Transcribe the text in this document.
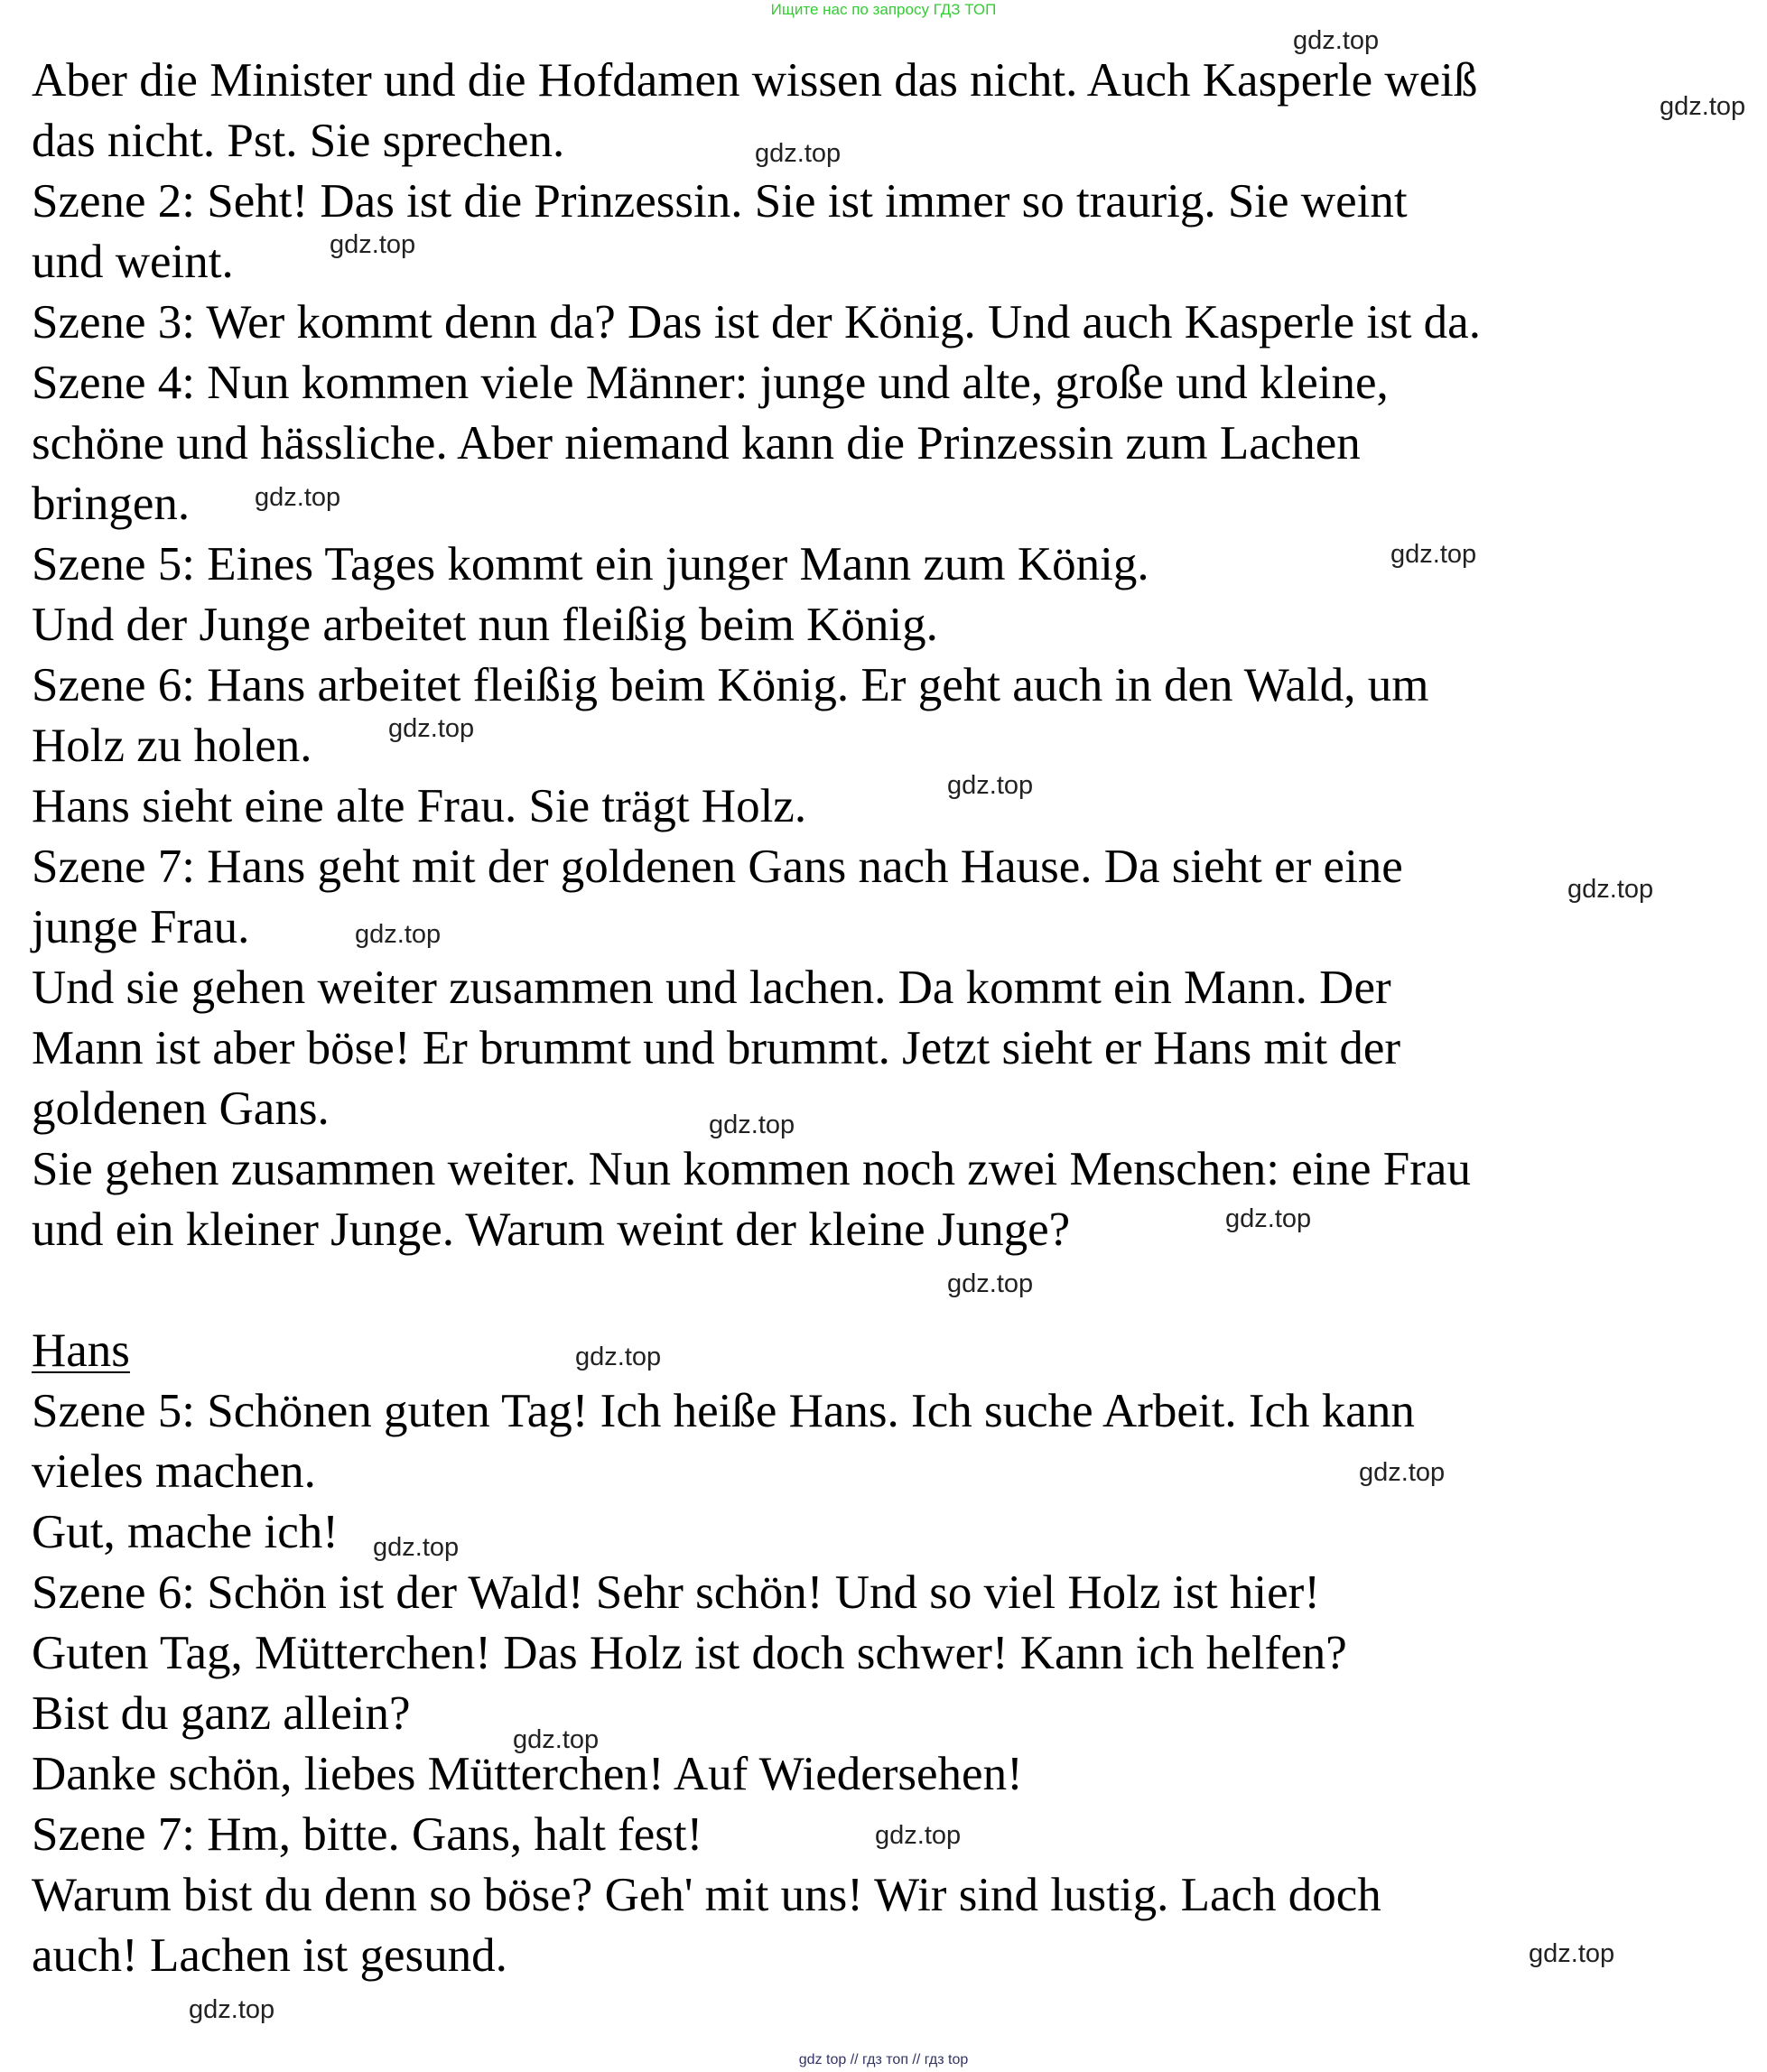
Ищите нас по запросу ГДЗ ТОП
Aber die Minister und die Hofdamen wissen das nicht. Auch Kasperle weiß
das nicht. Pst. Sie sprechen.
Szene 2: Seht! Das ist die Prinzessin. Sie ist immer so traurig. Sie weint
und weint.
Szene 3: Wer kommt denn da? Das ist der König. Und auch Kasperle ist da.
Szene 4: Nun kommen viele Männer: junge und alte, große und kleine,
schöne und hässliche. Aber niemand kann die Prinzessin zum Lachen
bringen.
Szene 5: Eines Tages kommt ein junger Mann zum König.
Und der Junge arbeitet nun fleißig beim König.
Szene 6: Hans arbeitet fleißig beim König. Er geht auch in den Wald, um
Holz zu holen.
Hans sieht eine alte Frau. Sie trägt Holz.
Szene 7: Hans geht mit der goldenen Gans nach Hause. Da sieht er eine
junge Frau.
Und sie gehen weiter zusammen und lachen. Da kommt ein Mann. Der
Mann ist aber böse! Er brummt und brummt. Jetzt sieht er Hans mit der
goldenen Gans.
Sie gehen zusammen weiter. Nun kommen noch zwei Menschen: eine Frau
und ein kleiner Junge. Warum weint der kleine Junge?
Hans
Szene 5: Schönen guten Tag! Ich heiße Hans. Ich suche Arbeit. Ich kann
vieles machen.
Gut, mache ich!
Szene 6: Schön ist der Wald! Sehr schön! Und so viel Holz ist hier!
Guten Tag, Mütterchen! Das Holz ist doch schwer! Kann ich helfen?
Bist du ganz allein?
Danke schön, liebes Mütterchen! Auf Wiedersehen!
Szene 7: Hm, bitte. Gans, halt fest!
Warum bist du denn so böse? Geh' mit uns! Wir sind lustig. Lach doch
auch! Lachen ist gesund.
gdz.top
gdz.top
gdz.top
gdz.top
gdz.top
gdz.top
gdz.top
gdz.top
gdz.top
gdz.top
gdz.top
gdz.top
gdz.top
gdz.top
gdz.top
gdz.top
gdz.top
gdz.top
gdz.top
gdz.top
gdz top // гдз топ // гдз top
